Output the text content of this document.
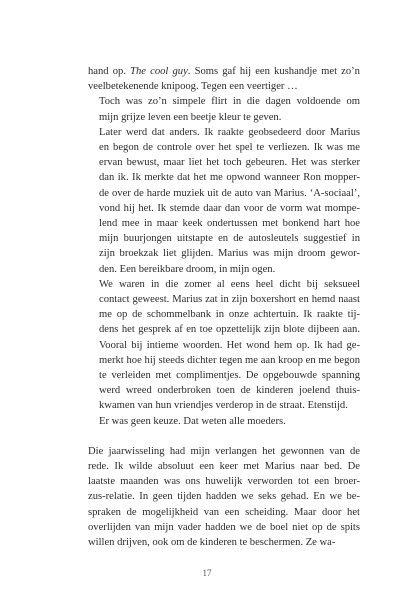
hand op. The cool guy. Soms gaf hij een kushandje met zo’n
veelbetekenende knipoog. Tegen een veertiger …

Toch was zo’n simpele flirt in die dagen voldoende om
mijn grijze leven een beetje kleur te geven.

Later werd dat anders. Ik raakte geobsedeerd door Marius
en begon de controle over het spel te verliezen. Ik was me
ervan bewust, maar liet het toch gebeuren. Het was sterker
dan ik. Ik merkte dat het me opwond wanneer Ron mopper-
de over de harde muziek uit de auto van Marius. ‘A-sociaal’,
vond hij het. Ik stemde daar dan voor de vorm wat mompe-
lend mee in maar keek ondertussen met bonkend hart hoe
mijn buurjongen uitstapte en de autosleutels suggestief in
zijn broekzak liet glijden. Marius was mijn droom gewor-
den. Een bereikbare droom, in mijn ogen.

We waren in die zomer al eens heel dicht bij seksueel
contact geweest. Marius zat in zijn boxershort en hemd naast
me op de schommelbank in onze achtertuin. Ik raakte tij-
dens het gesprek af en toe opzettelijk zijn blote dijbeen aan.
Vooral bij intieme woorden. Het wond hem op. Ik had ge-
merkt hoe hij steeds dichter tegen me aan kroop en me begon
te verleiden met complimentjes. De opgebouwde spanning
werd wreed onderbroken toen de kinderen joelend thuis-
kwamen van hun vriendjes verderop in de straat. Etenstijd.

Er was geen keuze. Dat weten alle moeders.

Die jaarwisseling had mijn verlangen het gewonnen van de
rede. Ik wilde absoluut een keer met Marius naar bed. De
laatste maanden was ons huwelijk verworden tot een broer-
zus-relatie. In geen tijden hadden we seks gehad. En we be-
spraken de mogelijkheid van een scheiding. Maar door het
overlijden van mijn vader hadden we de boel niet op de spits
willen drijven, ook om de kinderen te beschermen. Ze wa-

17
